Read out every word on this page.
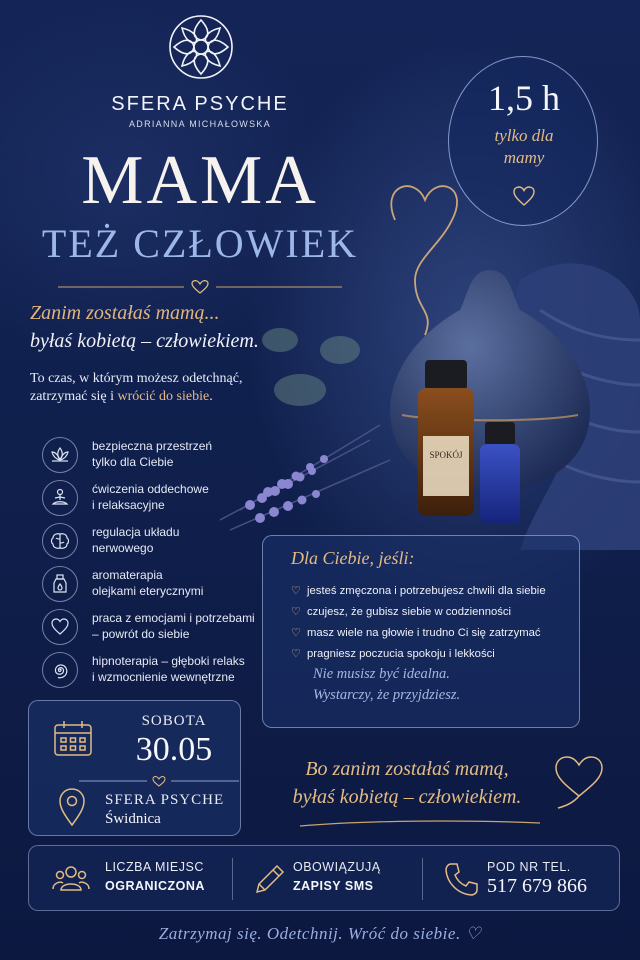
SPOKÓJ
SFERA PSYCHE
ADRIANNA MICHAŁOWSKA
MAMA
TEŻ CZŁOWIEK
Zanim zostałaś mamą...
byłaś kobietą – człowiekiem.
To czas, w którym możesz odetchnąć, zatrzymać się i wrócić do siebie.
1,5 h
tylko dla
mamy
bezpieczna przestrzeń
tylko dla Ciebie
ćwiczenia oddechowe
i relaksacyjne
regulacja układu
nerwowego
aromaterapia
olejkami eterycznymi
praca z emocjami i potrzebami
– powrót do siebie
hipnoterapia – głęboki relaks
i wzmocnienie wewnętrzne
Dla Ciebie, jeśli:
♡ jesteś zmęczona i potrzebujesz chwili dla siebie
♡ czujesz, że gubisz siebie w codzienności
♡ masz wiele na głowie i trudno Ci się zatrzymać
♡ pragniesz poczucia spokoju i lekkości
Nie musisz być idealna.
Wystarczy, że przyjdziesz.
SOBOTA
30.05
SFERA PSYCHE
Świdnica
Bo zanim zostałaś mamą,
byłaś kobietą – człowiekiem.
LICZBA MIEJSC
OGRANICZONA
OBOWIĄZUJĄ
ZAPISY SMS
POD NR TEL.
517 679 866
Zatrzymaj się. Odetchnij. Wróć do siebie. ♡
